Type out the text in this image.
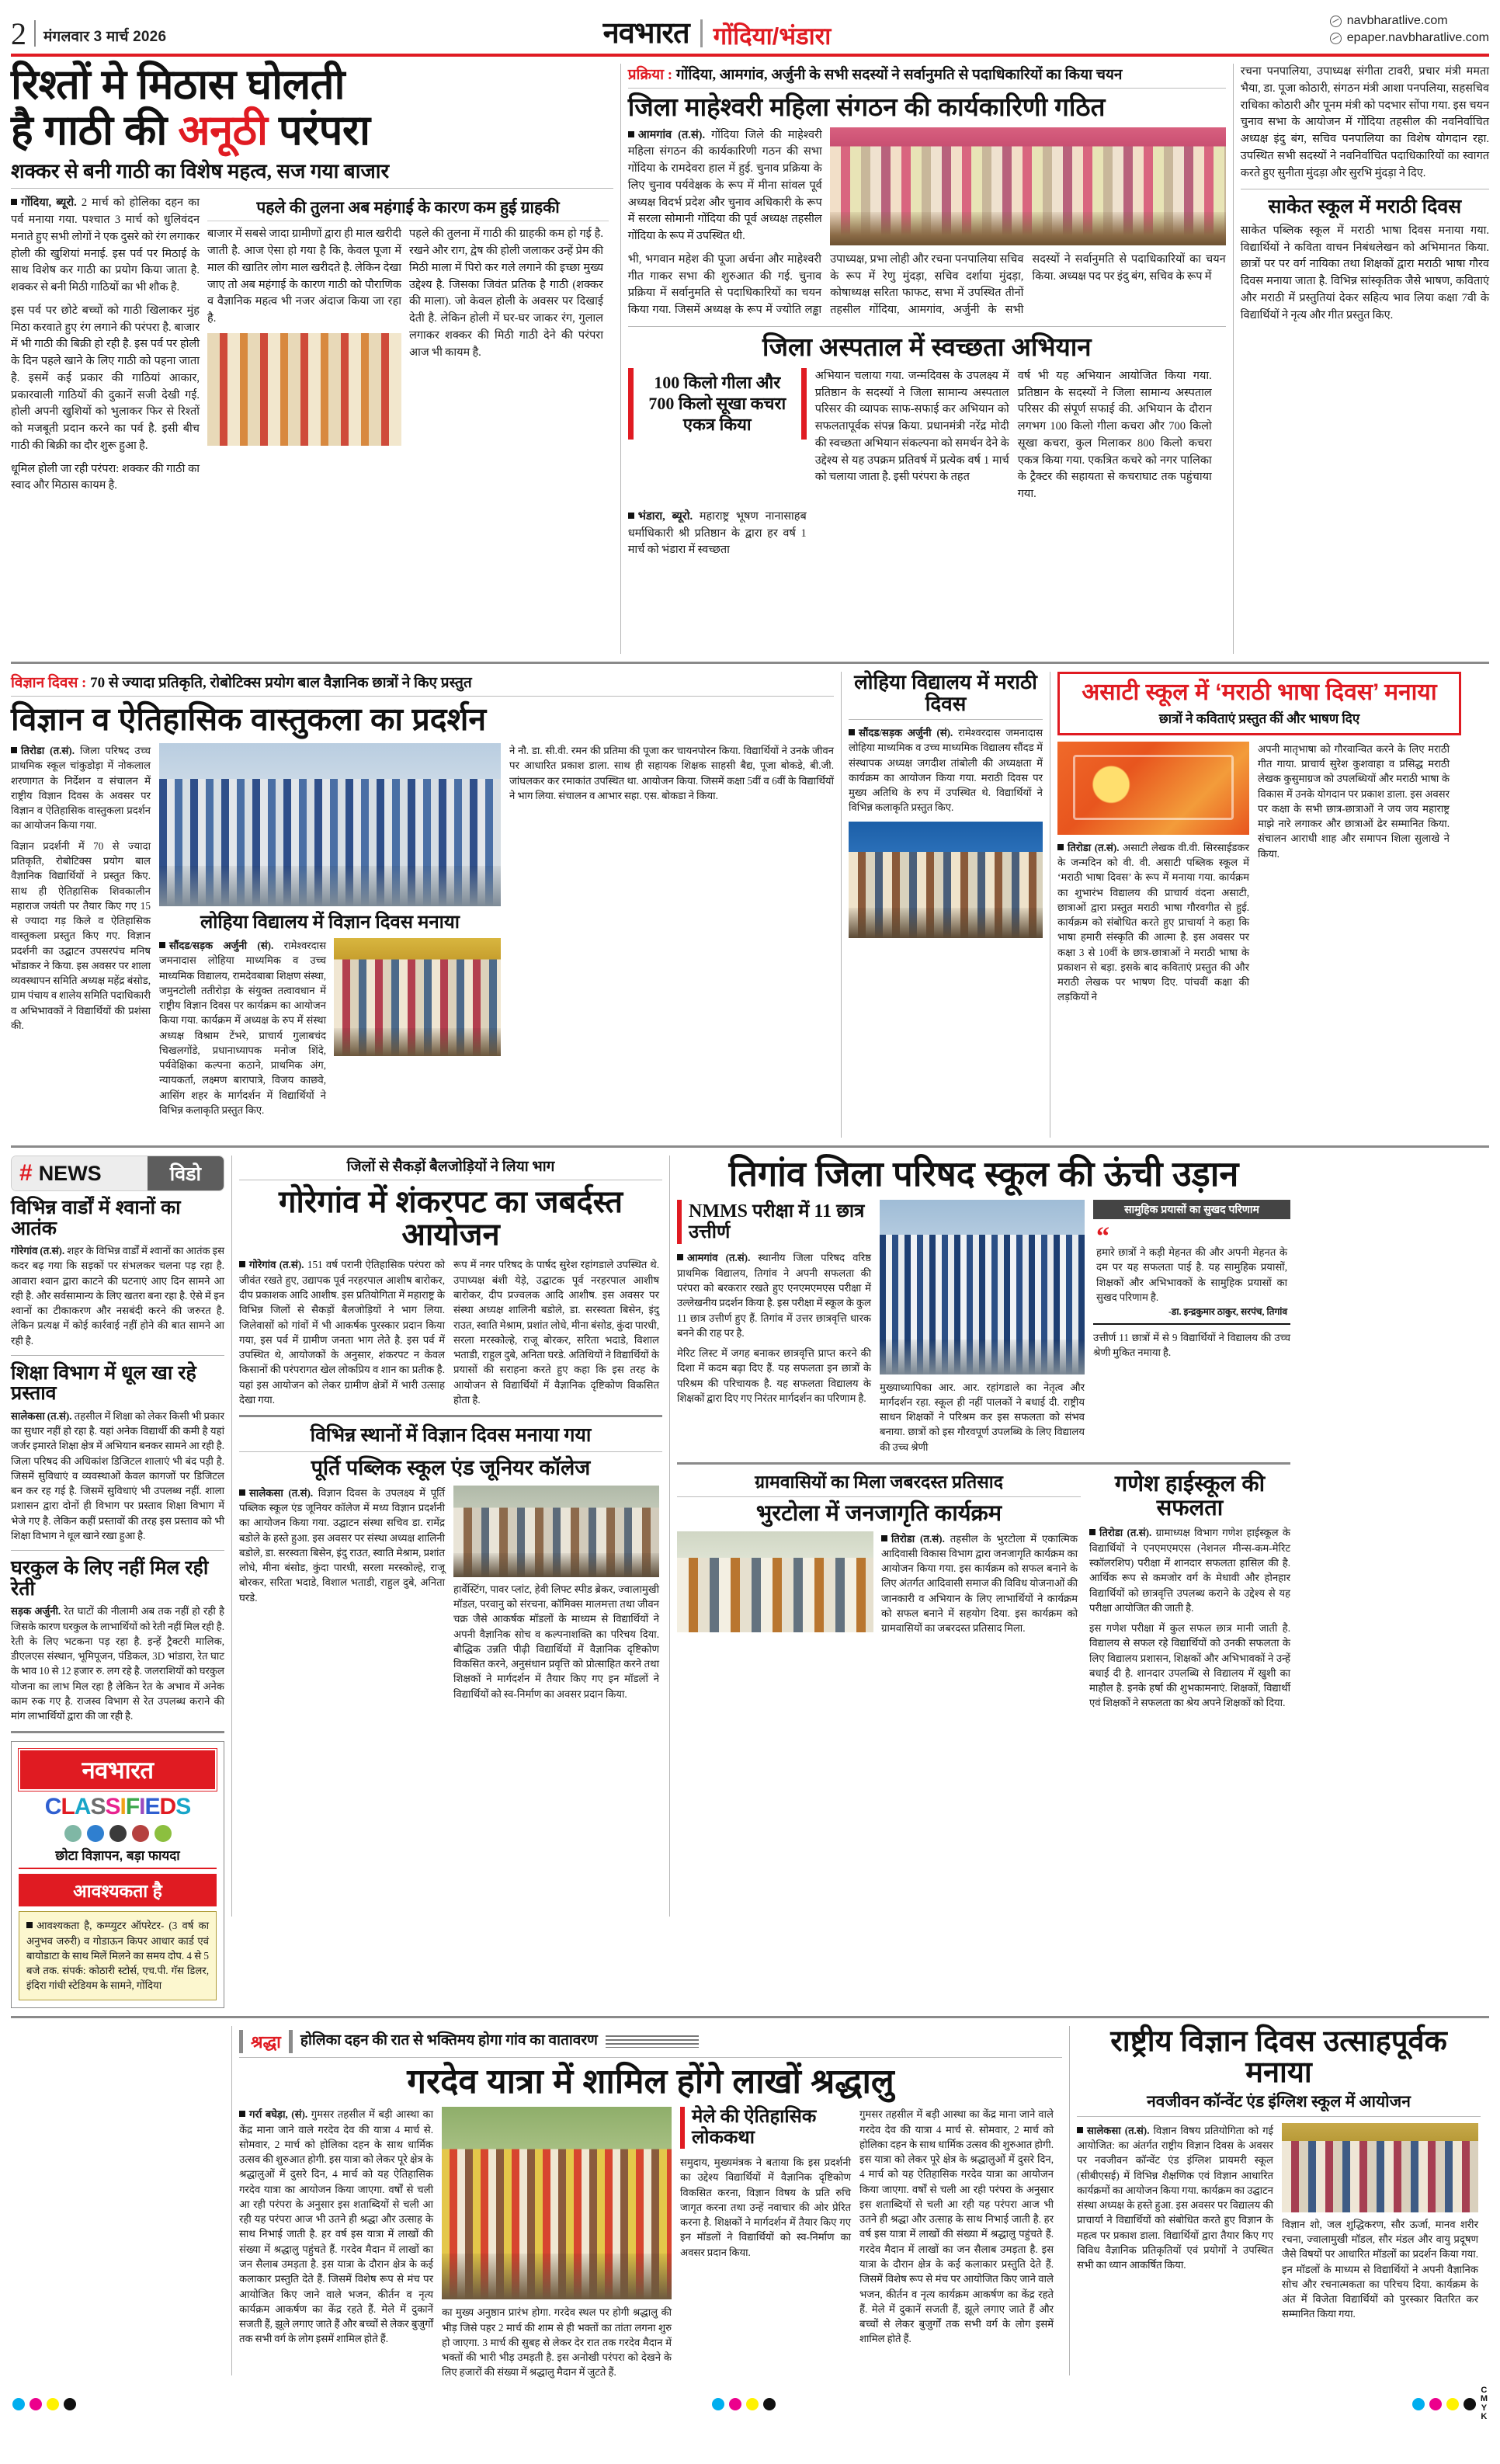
2 मंगलवार 3 मार्च 2026	नवभारत गोंदिया/भंडारा
navbharatlive.com
epaper.navbharatlive.com
रिश्तों मे मिठास घोलती
है गाठी की अनूठी परंपरा
शक्कर से बनी गाठी का विशेष महत्व, सज गया बाजार

गोंदिया, ब्यूरो. 2 मार्च को होलिका दहन का पर्व मनाया गया. पश्चात 3 मार्च को धुलिवंदन मनाते हुए सभी लोगों ने एक दुसरे को रंग लगाकर होली की खुशियां मनाई. इस पर्व पर मिठाई के साथ विशेष कर गाठी का प्रयोग किया जाता है. शक्कर से बनी मिठी गाठियों का भी शौक है.

इस पर्व पर छोटे बच्चों को गाठी खिलाकर मुंह मिठा करवाते हुए रंग लगाने की परंपरा है. बाजार में भी गाठी की बिक्री हो रही है. इस पर्व पर होली के दिन पहले खाने के लिए गाठी को पहना जाता है. इसमें कई प्रकार की गाठियां आकार, प्रकारवाली गाठियों की दुकानें सजी देखी गई. होली अपनी खुशियों को भुलाकर फिर से रिश्तों को मजबूती प्रदान करने का पर्व है. इसी बीच गाठी की बिक्री का दौर शुरू हुआ है.

धूमिल होली जा रही परंपरा: शक्कर की गाठी का स्वाद और मिठास कायम है.

पहले की तुलना अब महंगाई के कारण कम हुई ग्राहकी

बाजार में सबसे जादा ग्रामीणों द्वारा ही माल खरीदी जाती है. आज ऐसा हो गया है कि, केवल पूजा में माल की खातिर लोग माल खरीदते है. लेकिन देखा जाए तो अब महंगाई के कारण गाठी को पौराणिक व वैज्ञानिक महत्व भी नजर अंदाज किया जा रहा है.

पहले की तुलना में गाठी की ग्राहकी कम हो गई है. रखने और राग, द्वेष की होली जलाकर उन्हें प्रेम की मिठी माला में पिरो कर गले लगाने की इच्छा मुख्य उद्देश्य है. जिसका जिवंत प्रतिक है गाठी (शक्कर की माला). जो केवल होली के अवसर पर दिखाई देती है. लेकिन होली में घर-घर जाकर रंग, गुलाल लगाकर शक्कर की मिठी गाठी देने की परंपरा आज भी कायम है.

प्रक्रिया : गोंदिया, आमगांव, अर्जुनी के सभी सदस्यों ने सर्वानुमति से पदाधिकारियों का किया चयन
जिला माहेश्वरी महिला संगठन की कार्यकारिणी गठित

आमगांव (त.सं). गोंदिया जिले की माहेश्वरी महिला संगठन की कार्यकारिणी गठन की सभा गोंदिया के रामदेवरा हाल में हुई. चुनाव प्रक्रिया के लिए चुनाव पर्यवेक्षक के रूप में मीना सांवल पूर्व अध्यक्ष विदर्भ प्रदेश और चुनाव अधिकारी के रूप में सरला सोमानी गोंदिया की पूर्व अध्यक्ष तहसील गोंदिया के रूप में उपस्थित थी.

भी, भगवान महेश की पूजा अर्चना और माहेश्वरी गीत गाकर सभा की शुरुआत की गई. चुनाव प्रक्रिया में सर्वानुमति से पदाधिकारियों का चयन किया गया. जिसमें अध्यक्ष के रूप में ज्योति लड्ढा उपाध्यक्ष, प्रभा लोही और रचना पनपालिया सचिव के रूप में रेणु मुंदड़ा, सचिव दर्शाया मुंदड़ा, कोषाध्यक्ष सरिता फाफट, सभा में उपस्थित तीनों तहसील गोंदिया, आमगांव, अर्जुनी के सभी सदस्यों ने सर्वानुमति से पदाधिकारियों का चयन किया. अध्यक्ष पद पर इंदु बंग, सचिव के रूप में

जिला अस्पताल में स्वच्छता अभियान
100 किलो गीला और 700 किलो सूखा कचरा एकत्र किया

अभियान चलाया गया. जन्मदिवस के उपलक्ष्य में प्रतिष्ठान के सदस्यों ने जिला सामान्य अस्पताल परिसर की व्यापक साफ-सफाई कर अभियान को सफलतापूर्वक संपन्न किया. प्रधानमंत्री नरेंद्र मोदी की स्वच्छता अभियान संकल्पना को समर्थन देने के उद्देश्य से यह उपक्रम प्रतिवर्ष में प्रत्येक वर्ष 1 मार्च को चलाया जाता है. इसी परंपरा के तहत

वर्ष भी यह अभियान आयोजित किया गया. प्रतिष्ठान के सदस्यों ने जिला सामान्य अस्पताल परिसर की संपूर्ण सफाई की. अभियान के दौरान लगभग 100 किलो गीला कचरा और 700 किलो सूखा कचरा, कुल मिलाकर 800 किलो कचरा एकत्र किया गया. एकत्रित कचरे को नगर पालिका के ट्रैक्टर की सहायता से कचराघाट तक पहुंचाया गया.

भंडारा, ब्यूरो. महाराष्ट्र भूषण नानासाहब धर्माधिकारी श्री प्रतिष्ठान के द्वारा हर वर्ष 1 मार्च को भंडारा में स्वच्छता

रचना पनपालिया, उपाध्यक्ष संगीता टावरी, प्रचार मंत्री ममता भैया, डा. पूजा कोठारी, संगठन मंत्री आशा पनपलिया, सहसचिव राधिका कोठारी और पूनम मंत्री को पदभार सोंपा गया. इस चयन चुनाव सभा के आयोजन में गोंदिया तहसील की नवनिर्वाचित अध्यक्ष इंदु बंग, सचिव पनपालिया का विशेष योगदान रहा. उपस्थित सभी सदस्यों ने नवनिर्वाचित पदाधिकारियों का स्वागत करते हुए सुनीता मुंदड़ा और सुरभि मुंदड़ा ने दिए.

साकेत स्कूल में मराठी दिवस

साकेत पब्लिक स्कूल में मराठी भाषा दिवस मनाया गया. विद्यार्थियों ने कविता वाचन निबंधलेखन को अभिमानत किया. छात्रों पर पर वर्ग नायिका तथा शिक्षकों द्वारा मराठी भाषा गौरव दिवस मनाया जाता है. विभिन्न सांस्कृतिक जैसे भाषण, कविताएं और मराठी में प्रस्तुतियां देकर सहित्य भाव लिया कक्षा 7वी के विद्यार्थियों ने नृत्य और गीत प्रस्तुत किए.

विज्ञान दिवस : 70 से ज्यादा प्रतिकृति, रोबोटिक्स प्रयोग बाल वैज्ञानिक छात्रों ने किए प्रस्तुत
विज्ञान व ऐतिहासिक वास्तुकला का प्रदर्शन

तिरोडा (त.सं). जिला परिषद उच्च प्राथमिक स्कूल चांकुडोड़ा में नोकलाल शरणागत के निर्देशन व संचालन में राष्ट्रीय विज्ञान दिवस के अवसर पर विज्ञान व ऐतिहासिक वास्तुकला प्रदर्शन का आयोजन किया गया.

विज्ञान प्रदर्शनी में 70 से ज्यादा प्रतिकृति, रोबोटिक्स प्रयोग बाल वैज्ञानिक विद्यार्थियों ने प्रस्तुत किए. साथ ही ऐतिहासिक शिवकालीन महाराज जयंती पर तैयार किए गए 15 से ज्यादा गड़ किले व ऐतिहासिक वास्तुकला प्रस्तुत किए गए. विज्ञान प्रदर्शनी का उद्घाटन उपसरपंच मनिष भोंडाकर ने किया. इस अवसर पर शाला व्यवस्थापन समिति अध्यक्ष महेंद्र बंसोड, ग्राम पंचाय व शालेय समिति पदाधिकारी व अभिभावकों ने विद्यार्थियों की प्रशंसा की.

लोहिया विद्यालय में विज्ञान दिवस मनाया

सौंदड/सड़क अर्जुनी (सं). रामेश्वरदास जमनादास लोहिया माध्यमिक व उच्च माध्यमिक विद्यालय, रामदेवबाबा शिक्षण संस्था, जमुनटोली ततीरोड़ा के संयुक्त तत्वावधान में राष्ट्रीय विज्ञान दिवस पर कार्यक्रम का आयोजन किया गया. कार्यक्रम में अध्यक्ष के रुप में संस्था अध्यक्ष विश्राम टेंभरे, प्राचार्य गुलाबचंद चिखलगोंडे, प्रधानाध्यापक मनोज शिंदे, पर्यवेक्षिका कल्पना कठाने, प्राथमिक अंग, न्यायकर्ता, लक्ष्मण बारापात्रे, विजय काछवे, आसिंग शहर के मार्गदर्शन में विद्यार्थियों ने विभिन्न कलाकृति प्रस्तुत किए.

ने नौ. डा. सी.वी. रमन की प्रतिमा की पूजा कर चायनपोरन किया. विद्यार्थियों ने उनके जीवन पर आधारित प्रकाश डाला. साथ ही सहायक शिक्षक साहसी बैद्य, पूजा बोकडे, बी.जी. जांघलकर कर रमाकांत उपस्थित था. आयोजन किया. जिसमें कक्षा 5वीं व 6वीं के विद्यार्थियों ने भाग लिया. संचालन व आभार सहा. एस. बोकडा ने किया.

लोहिया विद्यालय में मराठी दिवस

सौंदड/सड़क अर्जुनी (सं). रामेश्वरदास जमनादास लोहिया माध्यमिक व उच्च माध्यमिक विद्यालय सौंदड में संस्थापक अध्यक्ष जगदीश तांबोली की अध्यक्षता में कार्यक्रम का आयोजन किया गया. मराठी दिवस पर मुख्य अतिथि के रुप में उपस्थित थे. विद्यार्थियों ने विभिन्न कलाकृति प्रस्तुत किए.

असाटी स्कूल में ‘मराठी भाषा दिवस’ मनाया
छात्रों ने कविताएं प्रस्तुत कीं और भाषण दिए

तिरोडा (त.सं). असाटी लेखक वी.वी. सिरसाईडकर के जन्मदिन को वी. वी. असाटी पब्लिक स्कूल में ‘मराठी भाषा दिवस’ के रूप में मनाया गया. कार्यक्रम का शुभारंभ विद्यालय की प्राचार्य वंदना असाटी, छात्राओं द्वारा प्रस्तुत मराठी भाषा गौरवगीत से हुई. कार्यक्रम को संबोधित करते हुए प्राचार्या ने कहा कि भाषा हमारी संस्कृति की आत्मा है. इस अवसर पर कक्षा 3 से 10वीं के छात्र-छात्राओं ने मराठी भाषा के प्रकाशन से बड़ा. इसके बाद कविताएं प्रस्तुत की और मराठी लेखक पर भाषण दिए. पांचवीं कक्षा की लड़कियों ने

अपनी मातृभाषा को गौरवान्वित करने के लिए मराठी गीत गाया. प्राचार्य सुरेश कुशवाहा व प्रसिद्ध मराठी लेखक कुसुमाग्रज को उपलब्धियों और मराठी भाषा के विकास में उनके योगदान पर प्रकाश डाला. इस अवसर पर कक्षा के सभी छात्र-छात्राओं ने जय जय महाराष्ट्र माझे नारे लगाकर और छात्राओं ढेर सम्मानित किया. संचालन आराधी शाह और समापन शिला सुलाखे ने किया.

# NEWS	विडो
विभिन्न वार्डों में श्वानों का आतंक

गोरेगांव (त.सं). शहर के विभिन्न वार्डों में श्वानों का आतंक इस कदर बढ़ गया कि सड़कों पर संभलकर चलना पड़ रहा है. आवारा श्वान द्वारा काटने की घटनाएं आए दिन सामने आ रही है. और सर्वसामान्य के लिए खतरा बना रहा है. ऐसे में इन श्वानों का टीकाकरण और नसबंदी करने की जरुरत है. लेकिन प्रत्यक्ष में कोई कार्रवाई नहीं होने की बात सामने आ रही है.

शिक्षा विभाग में धूल खा रहे प्रस्ताव

सालेकसा (त.सं). तहसील में शिक्षा को लेकर किसी भी प्रकार का सुधार नहीं हो रहा है. यहां अनेक विद्यार्थी की कमी है यहां जर्जर इमारते शिक्षा क्षेत्र में अभियान बनकर सामने आ रही है. जिला परिषद की अधिकांश डिजिटल शालाएं भी बंद पड़ी है. जिसमें सुविधाएं व व्यवस्थाओं केवल कागजों पर डिजिटल बन कर रह गई है. जिसमें सुविधाएं भी उपलब्ध नहीं. शाला प्रशासन द्वारा दोनों ही विभाग पर प्रस्ताव शिक्षा विभाग में भेजे गए है. लेकिन कहीं प्रस्तावों की तरह इस प्रस्ताव को भी शिक्षा विभाग ने धूल खाने रखा हुआ है.

घरकुल के लिए नहीं मिल रही रेती

सड़क अर्जुनी. रेत घाटों की नीलामी अब तक नहीं हो रही है जिसके कारण घरकुल के लाभार्थियों को रेती नहीं मिल रही है. रेती के लिए भटकना पड़ रहा है. इन्हें ट्रैक्टरी मालिक, डीएलएस संस्थान, भूमिपूजन, पंडिकल, 3D भांडारा, रेत घाट के भाव 10 से 12 हजार रु. लग रहे है. जलराशियों को घरकुल योजना का लाभ मिल रहा है लेकिन रेत के अभाव में अनेक काम रुक गए है. राजस्व विभाग से रेत उपलब्ध कराने की मांग लाभार्थियों द्वारा की जा रही है.

नवभारत
CLASSIFIEDS
छोटा विज्ञापन, बड़ा फायदा
आवश्यकता है

आवश्यकता है, कम्प्युटर ऑपरेटर- (3 वर्ष का अनुभव जरुरी) व गोडाऊन किपर आधार कार्ड एवं बायोडाटा के साथ मिलें मिलने का समय दोप. 4 से 5 बजे तक. संपर्क: कोठारी स्टोर्स, एच.पी. गॅस डिलर, इंदिरा गांधी स्टेडियम के सामने, गोंदिया

जिलों से सैकड़ों बैलजोड़ियों ने लिया भाग
गोरेगांव में शंकरपट का जबर्दस्त आयोजन

गोरेगांव (त.सं). 151 वर्ष परानी ऐतिहासिक परंपरा को जीवंत रखते हुए, उद्यापक पूर्व नरहरपाल आशीष बारोकर, दीप प्रकाशक आदि आशीष. इस प्रतियोगिता में महाराष्ट्र के विभिन्न जिलों से सैकड़ों बैलजोड़ियों ने भाग लिया. जिलेवासों को गांवों में भी आकर्षक पुरस्कार प्रदान किया गया, इस पर्व में ग्रामीण जनता भाग लेते है. इस पर्व में उपस्थित थे, आयोजकों के अनुसार, शंकरपट न केवल किसानों की परंपरागत खेल लोकप्रिय व शान का प्रतीक है. यहां इस आयोजन को लेकर ग्रामीण क्षेत्रों में भारी उत्साह देखा गया.

रूप में नगर परिषद के पार्षद सुरेश रहांगडाले उपस्थित थे. उपाध्यक्ष बंशी येड़े, उद्घाटक पूर्व नरहरपाल आशीष बारोकर, दीप प्रज्वलक आदि आशीष. इस अवसर पर संस्था अध्यक्ष शालिनी बडोले, डा. सरस्वता बिसेन, इंदु राउत, स्वाति मेश्राम, प्रशांत लोधे, मीना बंसोड, कुंदा पारधी, सरला मरस्कोल्हे, राजू बोरकर, सरिता भदाडे, विशाल भताडी, राहुल दुबे, अनिता घरडे. अतिथियों ने विद्यार्थियों के प्रयासों की सराहना करते हुए कहा कि इस तरह के आयोजन से विद्यार्थियों में वैज्ञानिक दृष्टिकोण विकसित होता है.

विभिन्न स्थानों में विज्ञान दिवस मनाया गया
पूर्ति पब्लिक स्कूल एंड जूनियर कॉलेज

सालेकसा (त.सं). विज्ञान दिवस के उपलक्ष्य में पूर्ति पब्लिक स्कूल एंड जूनियर कॉलेज में मध्य विज्ञान प्रदर्शनी का आयोजन किया गया. उद्घाटन संस्था सचिव डा. रामेंद्र बडोले के हस्ते हुआ. इस अवसर पर संस्था अध्यक्ष शालिनी बडोले, डा. सरस्वता बिसेन, इंदु राउत, स्वाति मेश्राम, प्रशांत लोधे, मीना बंसोड, कुंदा पारधी, सरला मरस्कोल्हे, राजू बोरकर, सरिता भदाडे, विशाल भताडी, राहुल दुबे, अनिता घरडे.

हार्वेस्टिंग, पावर प्लांट, हेवी लिफ्ट स्पीड ब्रेकर, ज्वालामुखी मॉडल, परवानु को संरचना, कॉमिक्स मालमत्ता तथा जीवन चक्र जैसे आकर्षक मॉडलों के माध्यम से विद्यार्थियों ने अपनी वैज्ञानिक सोच व कल्पनाशक्ति का परिचय दिया. बौद्धिक उन्नति पीढ़ी विद्यार्थियों में वैज्ञानिक दृष्टिकोण विकसित करने, अनुसंधान प्रवृत्ति को प्रोत्साहित करने तथा शिक्षकों ने मार्गदर्शन में तैयार किए गए इन मॉडलों ने विद्यार्थियों को स्व-निर्माण का अवसर प्रदान किया.

तिगांव जिला परिषद स्कूल की ऊंची उड़ान
NMMS परीक्षा में 11 छात्र उत्तीर्ण

आमगांव (त.सं). स्थानीय जिला परिषद वरिष्ठ प्राथमिक विद्यालय, तिगांव ने अपनी सफलता की परंपरा को बरकरार रखते हुए एनएमएमएस परीक्षा में उल्लेखनीय प्रदर्शन किया है. इस परीक्षा में स्कूल के कुल 11 छात्र उत्तीर्ण हुए हैं. तिगांव में उत्तर छात्रवृत्ति धारक बनने की राह पर है.

मेरिट लिस्ट में जगह बनाकर छात्रवृत्ति प्राप्त करने की दिशा में कदम बढ़ा दिए हैं. यह सफलता इन छात्रों के परिश्रम की परिचायक है. यह सफलता विद्यालय के शिक्षकों द्वारा दिए गए निरंतर मार्गदर्शन का परिणाम है.

मुख्याध्यापिका आर. आर. रहांगडाले का नेतृत्व और मार्गदर्शन रहा. स्कूल ही नहीं पालकों ने बधाई दी. राष्ट्रीय साधन शिक्षकों ने परिश्रम कर इस सफलता को संभव बनाया. छात्रों को इस गौरवपूर्ण उपलब्धि के लिए विद्यालय की उच्च श्रेणी

सामुहिक प्रयासों का सुखद परिणाम
“

हमारे छात्रों ने कड़ी मेहनत की और अपनी मेहनत के दम पर यह सफलता पाई है. यह सामुहिक प्रयासों, शिक्षकों और अभिभावकों के सामुहिक प्रयासों का सुखद परिणाम है.

-डा. इन्द्रकुमार ठाकुर, सरपंच, तिगांव

उत्तीर्ण 11 छात्रों में से 9 विद्यार्थियों ने विद्यालय की उच्च श्रेणी मुकित नमाया है.

ग्रामवासियों का मिला जबरदस्त प्रतिसाद
भुरटोला में जनजागृति कार्यक्रम

तिरोडा (त.सं). तहसील के भुरटोला में एकात्मिक आदिवासी विकास विभाग द्वारा जनजागृति कार्यक्रम का आयोजन किया गया. इस कार्यक्रम को सफल बनाने के लिए अंतर्गत आदिवासी समाज की विविध योजनाओं की जानकारी व अभियान के लिए लाभार्थियों ने कार्यक्रम को सफल बनाने में सहयोग दिया. इस कार्यक्रम को ग्रामवासियों का जबरदस्त प्रतिसाद मिला.

गणेश हाईस्कूल की सफलता

तिरोडा (त.सं). ग्रामाध्यक्ष विभाग गणेश हाईस्कूल के विद्यार्थियों ने एनएमएमएस (नेशनल मीन्स-कम-मेरिट स्कॉलरशिप) परीक्षा में शानदार सफलता हासिल की है. आर्थिक रूप से कमजोर वर्ग के मेधावी और होनहार विद्यार्थियों को छात्रवृत्ति उपलब्ध कराने के उद्देश्य से यह परीक्षा आयोजित की जाती है.

इस गणेश परीक्षा में कुल सफल छात्र मानी जाती है. विद्यालय से सफल रहे विद्यार्थियों को उनकी सफलता के लिए विद्यालय प्रशासन, शिक्षकों और अभिभावकों ने उन्हें बधाई दी है. शानदार उपलब्धि से विद्यालय में खुशी का माहौल है. इनके हर्षा की शुभकामनाएं. शिक्षकों, विद्यार्थी एवं शिक्षकों ने सफलता का श्रेय अपने शिक्षकों को दिया.

श्रद्धा होलिका दहन की रात से भक्तिमय होगा गांव का वातावरण
गरदेव यात्रा में शामिल होंगे लाखों श्रद्धालु

गर्रा बघेड़ा, (सं). गुमसर तहसील में बड़ी आस्था का केंद्र माना जाने वाले गरदेव देव की यात्रा 4 मार्च से. सोमवार, 2 मार्च को होलिका दहन के साथ धार्मिक उत्सव की शुरुआत होगी. इस यात्रा को लेकर पूरे क्षेत्र के श्रद्धालुओं में दुसरे दिन, 4 मार्च को यह ऐतिहासिक गरदेव यात्रा का आयोजन किया जाएगा. वर्षों से चली आ रही परंपरा के अनुसार इस शताब्दियों से चली आ रही यह परंपरा आज भी उतने ही श्रद्धा और उत्साह के साथ निभाई जाती है. हर वर्ष इस यात्रा में लाखों की संख्या में श्रद्धालु पहुंचते हैं. गरदेव मैदान में लाखों का जन सैलाब उमड़ता है. इस यात्रा के दौरान क्षेत्र के कई कलाकार प्रस्तुति देते हैं. जिसमें विशेष रूप से मंच पर आयोजित किए जाने वाले भजन, कीर्तन व नृत्य कार्यक्रम आकर्षण का केंद्र रहते हैं. मेले में दुकानें सजती हैं, झूले लगाए जाते हैं और बच्चों से लेकर बुजुर्गों तक सभी वर्ग के लोग इसमें शामिल होते हैं.

का मुख्य अनुष्ठान प्रारंभ होगा. गरदेव स्थल पर होगी श्रद्धालु की भीड़ जिसे पहर 2 मार्च की शाम से ही भक्तों का तांता लगना शुरु हो जाएगा. 3 मार्च की सुबह से लेकर देर रात तक गरदेव मैदान में भक्तों की भारी भीड़ उमड़ती है. इस अनोखी परंपरा को देखने के लिए हजारों की संख्या में श्रद्धालु मैदान में जुटते हैं.

मेले की ऐतिहासिक लोककथा

समुदाय, मुख्यमंत्रक ने बताया कि इस प्रदर्शनी का उद्देश्य विद्यार्थियों में वैज्ञानिक दृष्टिकोण विकसित करना, विज्ञान विषय के प्रति रुचि जागृत करना तथा उन्हें नवाचार की ओर प्रेरित करना है. शिक्षकों ने मार्गदर्शन में तैयार किए गए इन मॉडलों ने विद्यार्थियों को स्व-निर्माण का अवसर प्रदान किया.

गुमसर तहसील में बड़ी आस्था का केंद्र माना जाने वाले गरदेव देव की यात्रा 4 मार्च से. सोमवार, 2 मार्च को होलिका दहन के साथ धार्मिक उत्सव की शुरुआत होगी. इस यात्रा को लेकर पूरे क्षेत्र के श्रद्धालुओं में दुसरे दिन, 4 मार्च को यह ऐतिहासिक गरदेव यात्रा का आयोजन किया जाएगा. वर्षों से चली आ रही परंपरा के अनुसार इस शताब्दियों से चली आ रही यह परंपरा आज भी उतने ही श्रद्धा और उत्साह के साथ निभाई जाती है. हर वर्ष इस यात्रा में लाखों की संख्या में श्रद्धालु पहुंचते हैं. गरदेव मैदान में लाखों का जन सैलाब उमड़ता है. इस यात्रा के दौरान क्षेत्र के कई कलाकार प्रस्तुति देते हैं. जिसमें विशेष रूप से मंच पर आयोजित किए जाने वाले भजन, कीर्तन व नृत्य कार्यक्रम आकर्षण का केंद्र रहते हैं. मेले में दुकानें सजती हैं, झूले लगाए जाते हैं और बच्चों से लेकर बुजुर्गों तक सभी वर्ग के लोग इसमें शामिल होते हैं.

राष्ट्रीय विज्ञान दिवस उत्साहपूर्वक मनाया
नवजीवन कॉन्वेंट एंड इंग्लिश स्कूल में आयोजन

सालेकसा (त.सं). विज्ञान विषय प्रतियोगिता को गई आयोजित: का अंतर्गत राष्ट्रीय विज्ञान दिवस के अवसर पर नवजीवन कॉन्वेंट एंड इंग्लिश प्रायमरी स्कूल (सीबीएसई) में विभिन्न शैक्षणिक एवं विज्ञान आधारित कार्यक्रमों का आयोजन किया गया. कार्यक्रम का उद्घाटन संस्था अध्यक्ष के हस्ते हुआ. इस अवसर पर विद्यालय की प्राचार्या ने विद्यार्थियों को संबोधित करते हुए विज्ञान के महत्व पर प्रकाश डाला. विद्यार्थियों द्वारा तैयार किए गए विविध वैज्ञानिक प्रतिकृतियों एवं प्रयोगों ने उपस्थित सभी का ध्यान आकर्षित किया.

विज्ञान शो, जल शुद्धिकरण, सौर ऊर्जा, मानव शरीर रचना, ज्वालामुखी मॉडल, सौर मंडल और वायु प्रदूषण जैसे विषयों पर आधारित मॉडलों का प्रदर्शन किया गया. इन मॉडलों के माध्यम से विद्यार्थियों ने अपनी वैज्ञानिक सोच और रचनात्मकता का परिचय दिया. कार्यक्रम के अंत में विजेता विद्यार्थियों को पुरस्कार वितरित कर सम्मानित किया गया.

C
M
Y
K
